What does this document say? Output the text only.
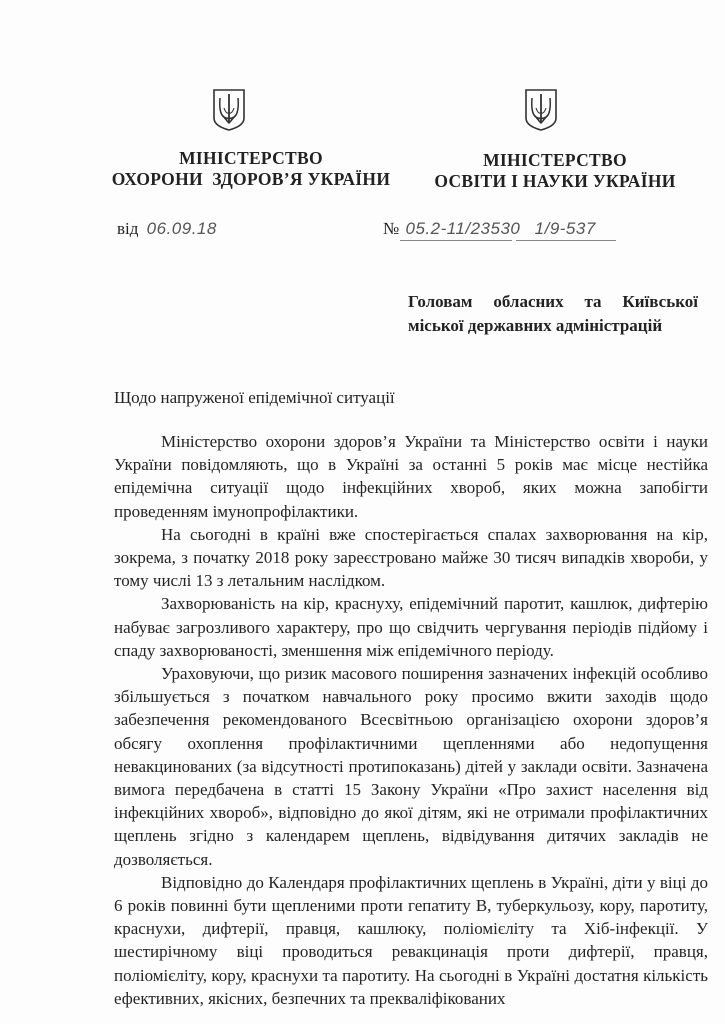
МІНІСТЕРСТВО
ОХОРОНИ  ЗДОРОВ’Я УКРАЇНИ
МІНІСТЕРСТВО
ОСВІТИ І НАУКИ УКРАЇНИ
від 06.09.18	№ 05.2-11/23530 1/9-537
Головам обласних та Київської
міської державних адміністрацій
Щодо напруженої епідемічної ситуації

Міністерство охорони здоров’я України та Міністерство освіти і науки України повідомляють, що в Україні за останні 5 років має місце нестійка епідемічна ситуації щодо інфекційних хвороб, яких можна запобігти проведенням імунопрофілактики.

На сьогодні в країні вже спостерігається спалах захворювання на кір, зокрема, з початку 2018 року зареєстровано майже 30 тисяч випадків хвороби, у тому числі 13 з летальним наслідком.

Захворюваність на кір, краснуху, епідемічний паротит, кашлюк, дифтерію набуває загрозливого характеру, про що свідчить чергування періодів підйому і спаду захворюваності, зменшення між епідемічного періоду.

Ураховуючи, що ризик масового поширення зазначених інфекцій особливо збільшується з початком навчального року просимо вжити заходів щодо забезпечення рекомендованого Всесвітньою організацією охорони здоров’я обсягу охоплення профілактичними щепленнями або недопущення невакцинованих (за відсутності протипоказань) дітей у заклади освіти. Зазначена вимога передбачена в статті 15 Закону України «Про захист населення від інфекційних хвороб», відповідно до якої дітям, які не отримали профілактичних щеплень згідно з календарем щеплень, відвідування дитячих закладів не дозволяється.

Відповідно до Календаря профілактичних щеплень в Україні, діти у віці до 6 років повинні бути щепленими проти гепатиту В, туберкульозу, кору, паротиту, краснухи, дифтерії, правця, кашлюку, поліомієліту та Хіб-інфекції. У шестирічному віці проводиться ревакцинація проти дифтерії, правця, поліомієліту, кору, краснухи та паротиту. На сьогодні в Україні достатня кількість ефективних, якісних, безпечних та прекваліфікованих
